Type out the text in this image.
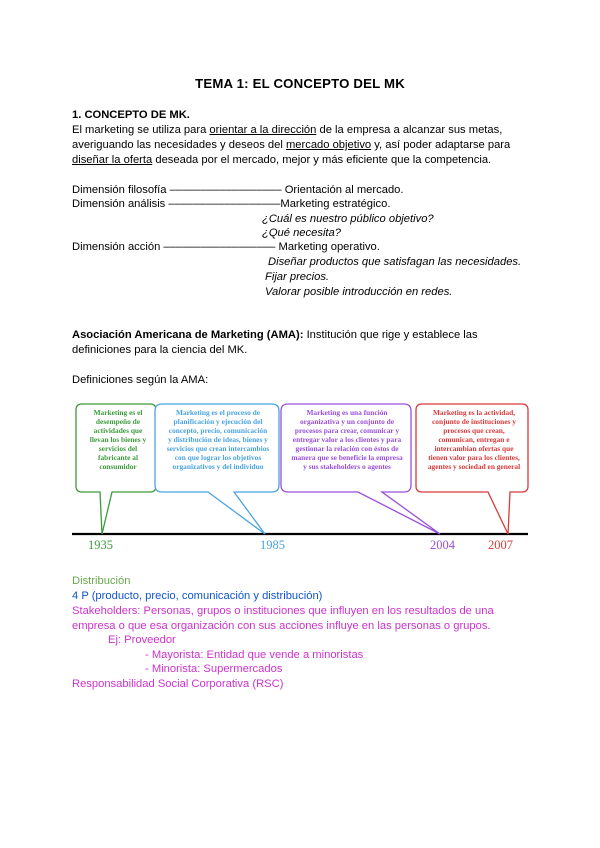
TEMA 1: EL CONCEPTO DEL MK
1. CONCEPTO DE MK.
El marketing se utiliza para orientar a la dirección de la empresa a alcanzar sus metas,
averiguando las necesidades y deseos del mercado objetivo y, así poder adaptarse para
diseñar la oferta deseada por el mercado, mejor y más eficiente que la competencia.
Dimensión filosofía –––––––––––––––––– Orientación al mercado.
Dimensión análisis ––––––––––––––––––Marketing estratégico.
¿Cuál es nuestro público objetivo?
¿Qué necesita?
Dimensión acción –––––––––––––––––– Marketing operativo.
Diseñar productos que satisfagan las necesidades.
Fijar precios.
Valorar posible introducción en redes.
Asociación Americana de Marketing (AMA): Institución que rige y establece las
definiciones para la ciencia del MK.
Definiciones según la AMA:
Marketing es el
desempeño de
actividades que
llevan los bienes y
servicios del
fabricante al
consumidor
Marketing es el proceso de
planificación y ejecución del
concepto, precio, comunicación
y distribución de ideas, bienes y
servicios que crean intercambios
con que lograr los objetivos
organizativos y del individuo
Marketing es una función
organizativa y un conjunto de
procesos para crear, comunicar y
entregar valor a los clientes y para
gestionar la relación con éstos de
manera que se beneficie la empresa
y sus stakeholders o agentes
Marketing es la actividad,
conjunto de instituciones y
procesos que crean,
comunican, entregan e
intercambian ofertas que
tienen valor para los clientes,
agentes y sociedad en general
1935	1985	2004	2007
Distribución
4 P (producto, precio, comunicación y distribución)
Stakeholders: Personas, grupos o instituciones que influyen en los resultados de una
empresa o que esa organización con sus acciones influye en las personas o grupos.
Ej: Proveedor
- Mayorista: Entidad que vende a minoristas
- Minorista: Supermercados
Responsabilidad Social Corporativa (RSC)
